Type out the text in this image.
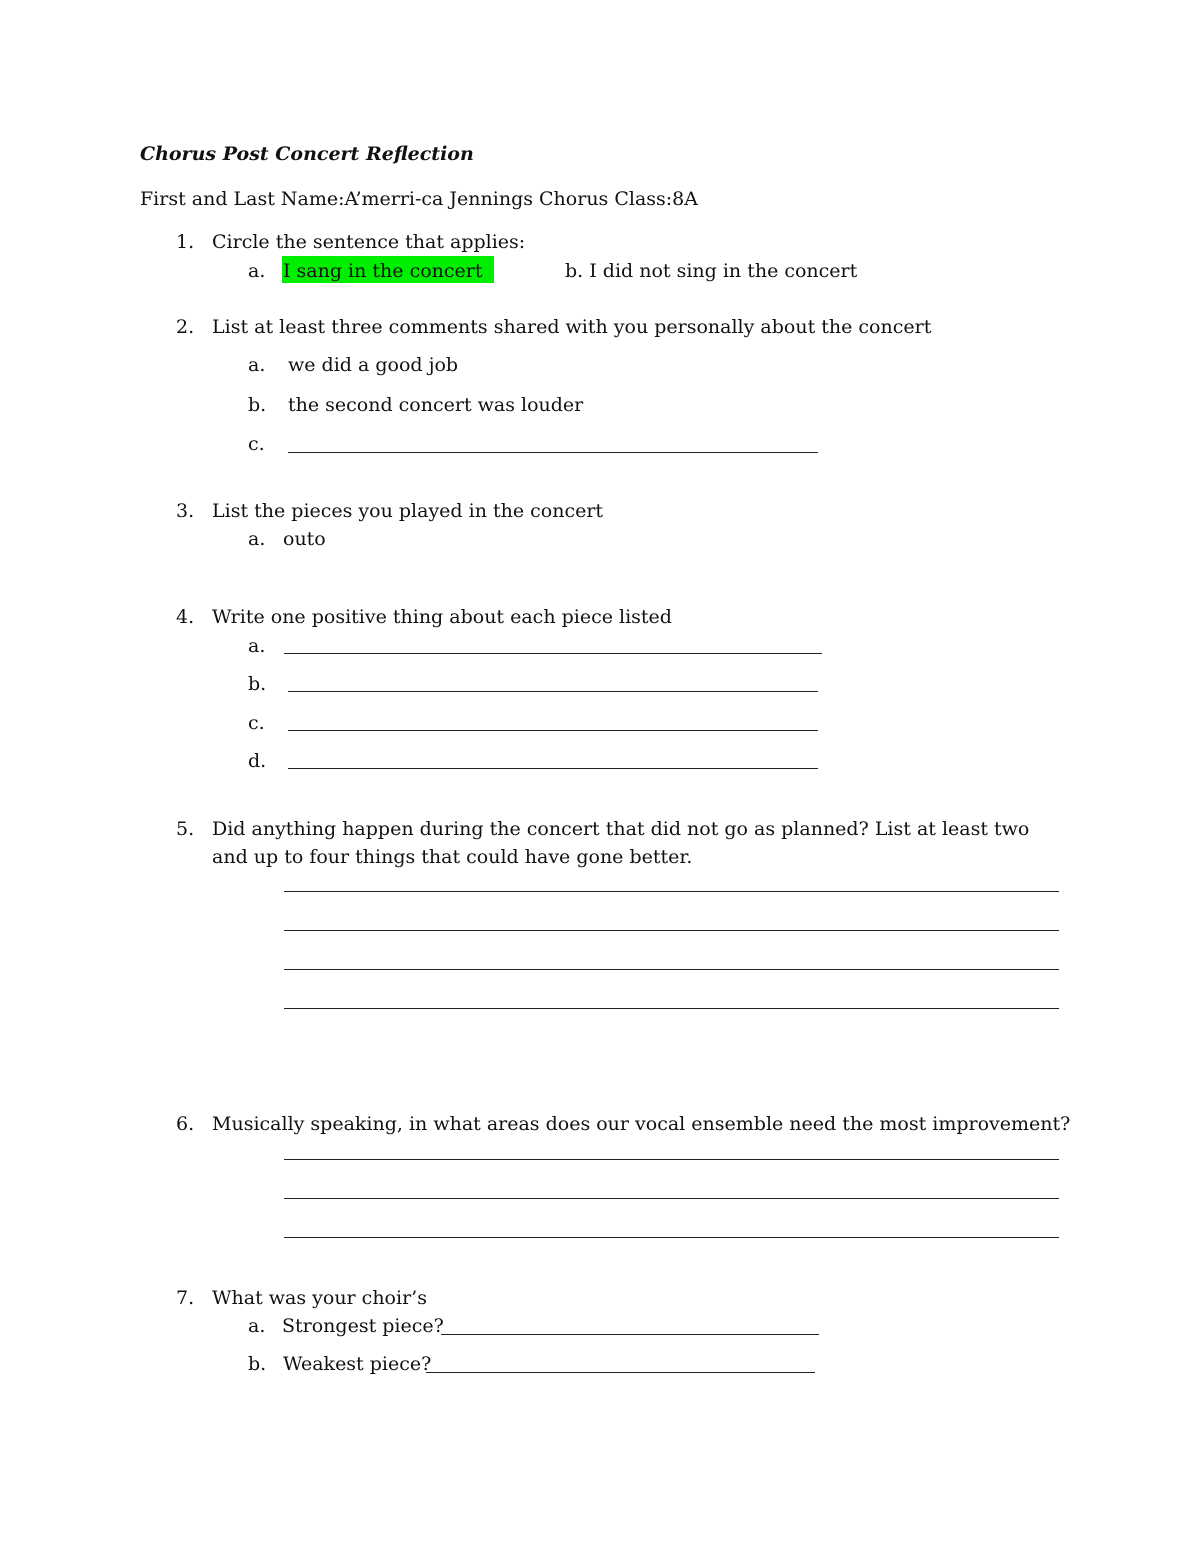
Chorus Post Concert Reflection
First and Last Name:A’merri-ca Jennings Chorus Class:8A
1. Circle the sentence that applies:
a. I sang in the concert	b. I did not sing in the concert
2. List at least three comments shared with you personally about the concert
a. we did a good job
b. the second concert was louder
c.
3. List the pieces you played in the concert
a. outo
4. Write one positive thing about each piece listed
a.
b.
c.
d.
5. Did anything happen during the concert that did not go as planned? List at least two
and up to four things that could have gone better.
6. Musically speaking, in what areas does our vocal ensemble need the most improvement?
7. What was your choir’s
a. Strongest piece?
b. Weakest piece?
